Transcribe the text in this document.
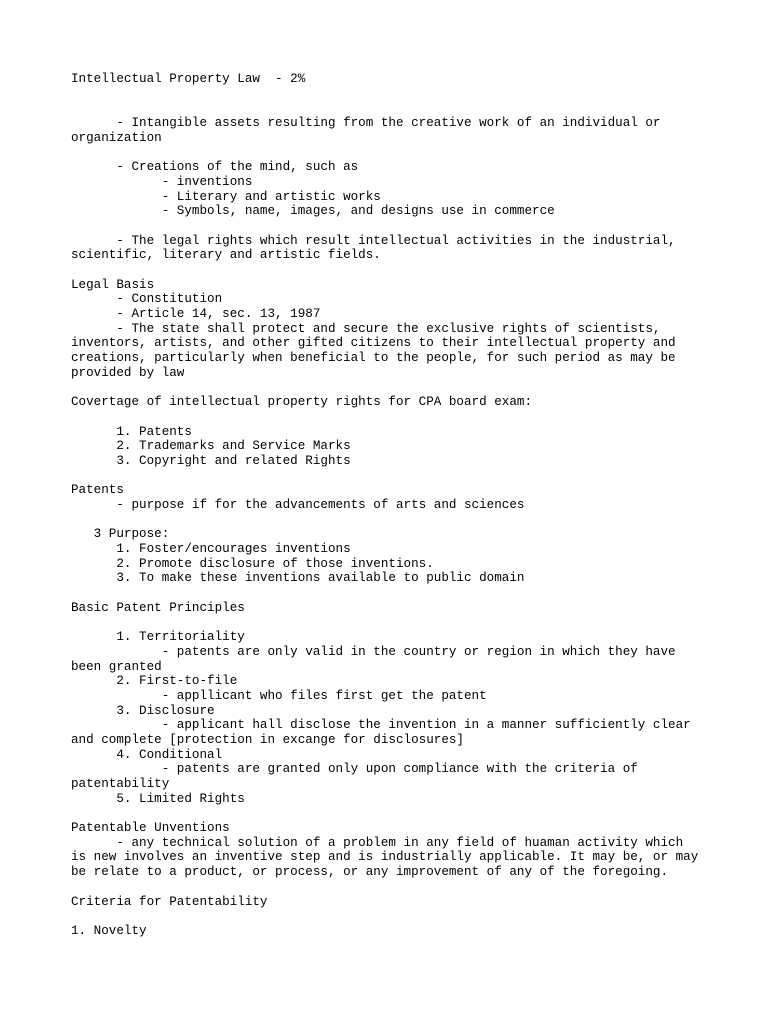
Intellectual Property Law  - 2%
- Intangible assets resulting from the creative work of an individual or
organization
- Creations of the mind, such as
- inventions
- Literary and artistic works
- Symbols, name, images, and designs use in commerce
- The legal rights which result intellectual activities in the industrial,
scientific, literary and artistic fields.
Legal Basis
- Constitution
- Article 14, sec. 13, 1987
- The state shall protect and secure the exclusive rights of scientists,
inventors, artists, and other gifted citizens to their intellectual property and
creations, particularly when beneficial to the people, for such period as may be
provided by law
Covertage of intellectual property rights for CPA board exam:
1. Patents
2. Trademarks and Service Marks
3. Copyright and related Rights
Patents
- purpose if for the advancements of arts and sciences
3 Purpose:
1. Foster/encourages inventions
2. Promote disclosure of those inventions.
3. To make these inventions available to public domain
Basic Patent Principles
1. Territoriality
- patents are only valid in the country or region in which they have
been granted
2. First-to-file
- appllicant who files first get the patent
3. Disclosure
- applicant hall disclose the invention in a manner sufficiently clear
and complete [protection in excange for disclosures]
4. Conditional
- patents are granted only upon compliance with the criteria of
patentability
5. Limited Rights
Patentable Unventions
- any technical solution of a problem in any field of huaman activity which
is new involves an inventive step and is industrially applicable. It may be, or may
be relate to a product, or process, or any improvement of any of the foregoing.
Criteria for Patentability
1. Novelty
